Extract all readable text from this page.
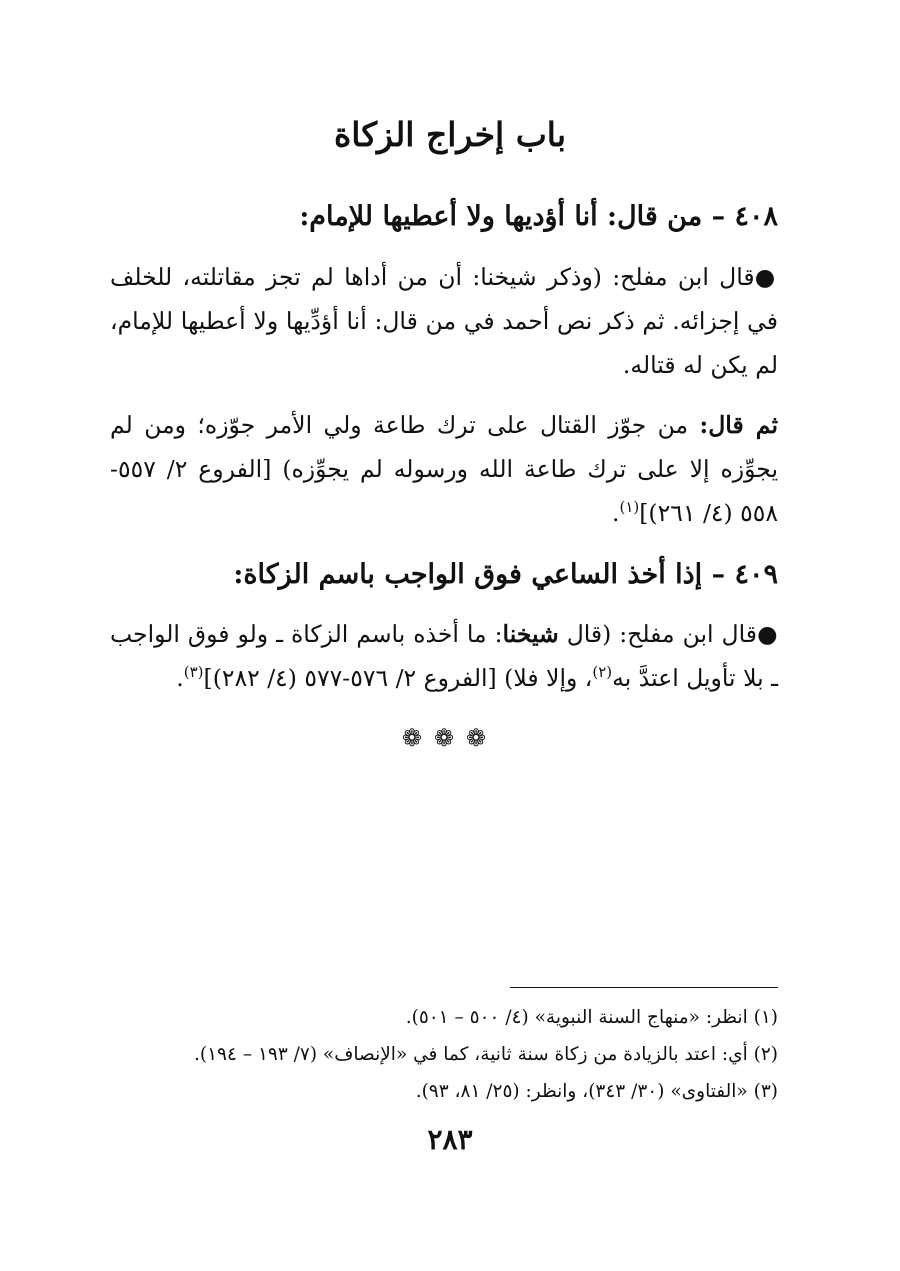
باب إخراج الزكاة
٤٠٨ – من قال: أنا أؤديها ولا أعطيها للإمام:
●قال ابن مفلح: (وذكر شيخنا: أن من أداها لم تجز مقاتلته، للخلف في إجزائه. ثم ذكر نص أحمد في من قال: أنا أؤدِّيها ولا أعطيها للإمام، لم يكن له قتاله.
ثم قال: من جوّز القتال على ترك طاعة ولي الأمر جوّزه؛ ومن لم يجوِّزه إلا على ترك طاعة الله ورسوله لم يجوِّزه) [الفروع ٢/ ٥٥٧- ٥٥٨ (٤/ ٢٦١)]$^{(١)}$.
٤٠٩ – إذا أخذ الساعي فوق الواجب باسم الزكاة:
●قال ابن مفلح: (قال شيخنا: ما أخذه باسم الزكاة ـ ولو فوق الواجب ـ بلا تأويل اعتدَّ به$^{(٢)}$، وإلا فلا) [الفروع ٢/ ٥٧٦-٥٧٧ (٤/ ٢٨٢)]$^{(٣)}$.
❁❁❁
(١) انظر: «منهاج السنة النبوية» (٤/ ٥٠٠ – ٥٠١).
(٢) أي: اعتد بالزيادة من زكاة سنة ثانية، كما في «الإنصاف» (٧/ ١٩٣ – ١٩٤).
(٣) «الفتاوى» (٣٠/ ٣٤٣)، وانظر: (٢٥/ ٨١، ٩٣).
٢٨٣
